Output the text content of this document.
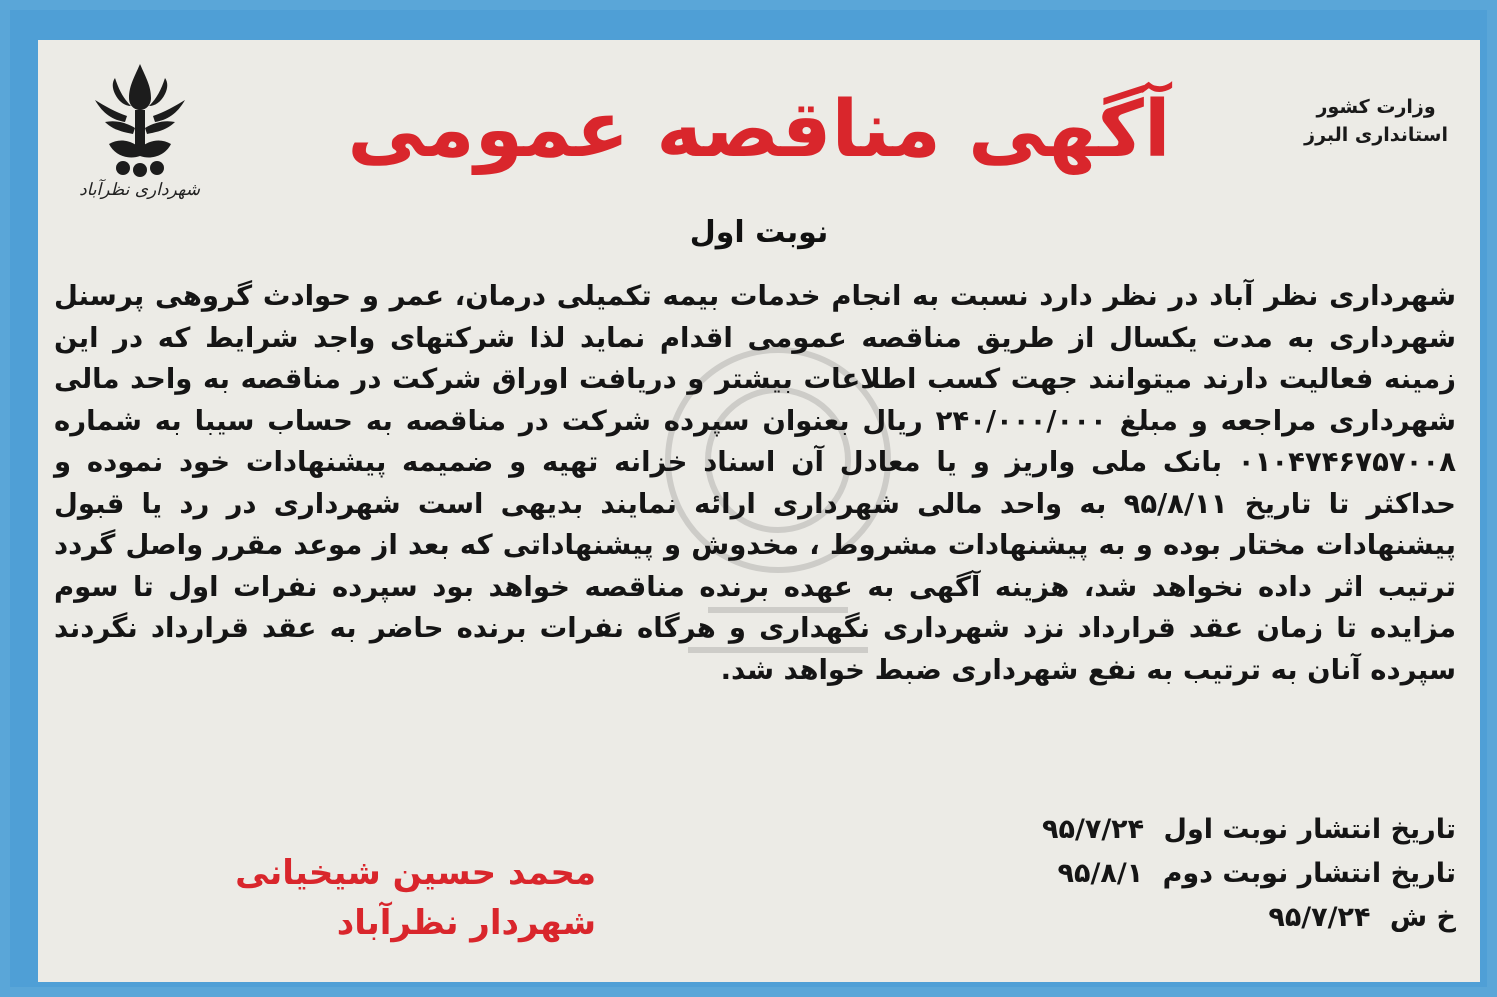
شهرداری نظرآباد
آگهی مناقصه عمومی	وزارت کشور
استانداری البرز
نوبت اول

شهرداری نظر آباد در نظر دارد نسبت به انجام خدمات بیمه تکمیلی درمان، عمر و حوادث گروهی پرسنل شهرداری به مدت یکسال از طریق مناقصه عمومی اقدام نماید لذا شرکتهای واجد شرایط که در این زمینه فعالیت دارند میتوانند جهت کسب اطلاعات بیشتر و دریافت اوراق شرکت در مناقصه به واحد مالی شهرداری مراجعه و مبلغ ۲۴۰/۰۰۰/۰۰۰ ریال بعنوان سپرده شرکت در مناقصه به حساب سیبا به شماره ۰۱۰۴۷۴۶۷۵۷۰۰۸ بانک ملی واریز و یا معادل آن اسناد خزانه تهیه و ضمیمه پیشنهادات خود نموده و حداکثر تا تاریخ ۹۵/۸/۱۱ به واحد مالی شهرداری ارائه نمایند بدیهی است شهرداری در رد یا قبول پیشنهادات مختار بوده و به پیشنهادات مشروط ، مخدوش و پیشنهاداتی که بعد از موعد مقرر واصل گردد ترتیب اثر داده نخواهد شد، هزینه آگهی به عهده برنده مناقصه خواهد بود سپرده نفرات اول تا سوم مزایده تا زمان عقد قرارداد نزد شهرداری نگهداری و هرگاه نفرات برنده حاضر به عقد قرارداد نگردند سپرده آنان به ترتیب به نفع شهرداری ضبط خواهد شد.

تاریخ انتشار نوبت اول ۹۵/۷/۲۴
تاریخ انتشار نوبت دوم ۹۵/۸/۱
خ ش ۹۵/۷/۲۴
محمد حسین شیخیانی
شهردار نظرآباد
